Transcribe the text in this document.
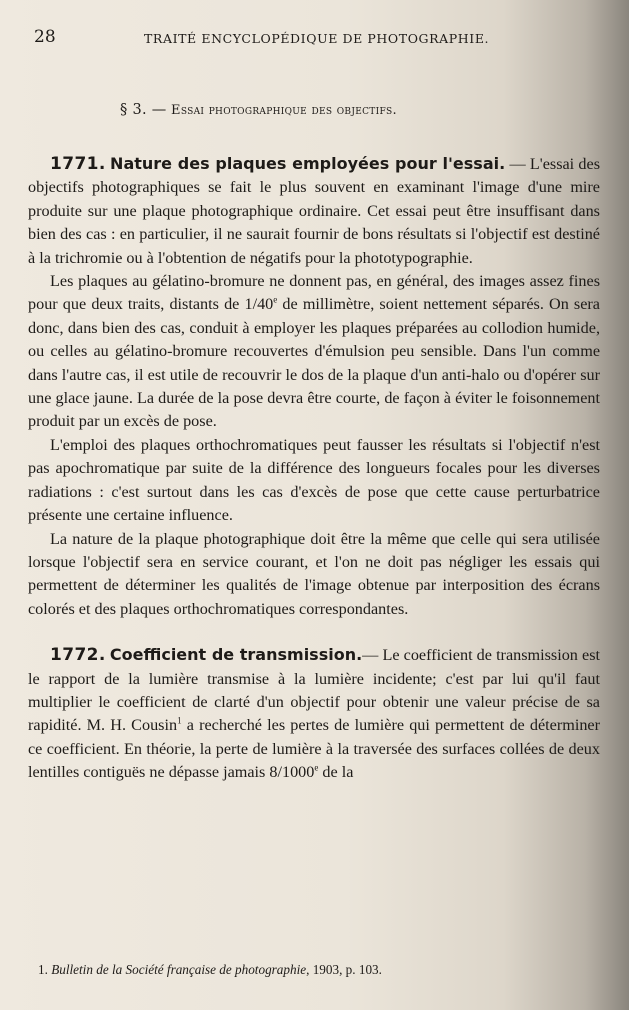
28	TRAITÉ ENCYCLOPÉDIQUE DE PHOTOGRAPHIE.
§ 3. — Essai photographique des objectifs.

1771. Nature des plaques employées pour l'essai. — L'essai des objectifs photographiques se fait le plus souvent en examinant l'image d'une mire produite sur une plaque photographique ordinaire. Cet essai peut être insuffisant dans bien des cas : en particulier, il ne saurait fournir de bons résultats si l'objectif est destiné à la trichromie ou à l'obtention de négatifs pour la phototypographie.

Les plaques au gélatino-bromure ne donnent pas, en général, des images assez fines pour que deux traits, distants de 1/40e de millimètre, soient nettement séparés. On sera donc, dans bien des cas, conduit à employer les plaques préparées au collodion humide, ou celles au gélatino-bromure recouvertes d'émulsion peu sensible. Dans l'un comme dans l'autre cas, il est utile de recouvrir le dos de la plaque d'un anti-halo ou d'opérer sur une glace jaune. La durée de la pose devra être courte, de façon à éviter le foisonnement produit par un excès de pose.

L'emploi des plaques orthochromatiques peut fausser les résultats si l'objectif n'est pas apochromatique par suite de la différence des longueurs focales pour les diverses radiations : c'est surtout dans les cas d'excès de pose que cette cause perturbatrice présente une certaine influence.

La nature de la plaque photographique doit être la même que celle qui sera utilisée lorsque l'objectif sera en service courant, et l'on ne doit pas négliger les essais qui permettent de déterminer les qualités de l'image obtenue par interposition des écrans colorés et des plaques orthochromatiques correspondantes.

1772. Coefficient de transmission.— Le coefficient de transmission est le rapport de la lumière transmise à la lumière incidente; c'est par lui qu'il faut multiplier le coefficient de clarté d'un objectif pour obtenir une valeur précise de sa rapidité. M. H. Cousin$^1$ a recherché les pertes de lumière qui permettent de déterminer ce coefficient. En théorie, la perte de lumière à la traversée des surfaces collées de deux lentilles contiguës ne dépasse jamais 8/1000e de la

1. Bulletin de la Société française de photographie, 1903, p. 103.
